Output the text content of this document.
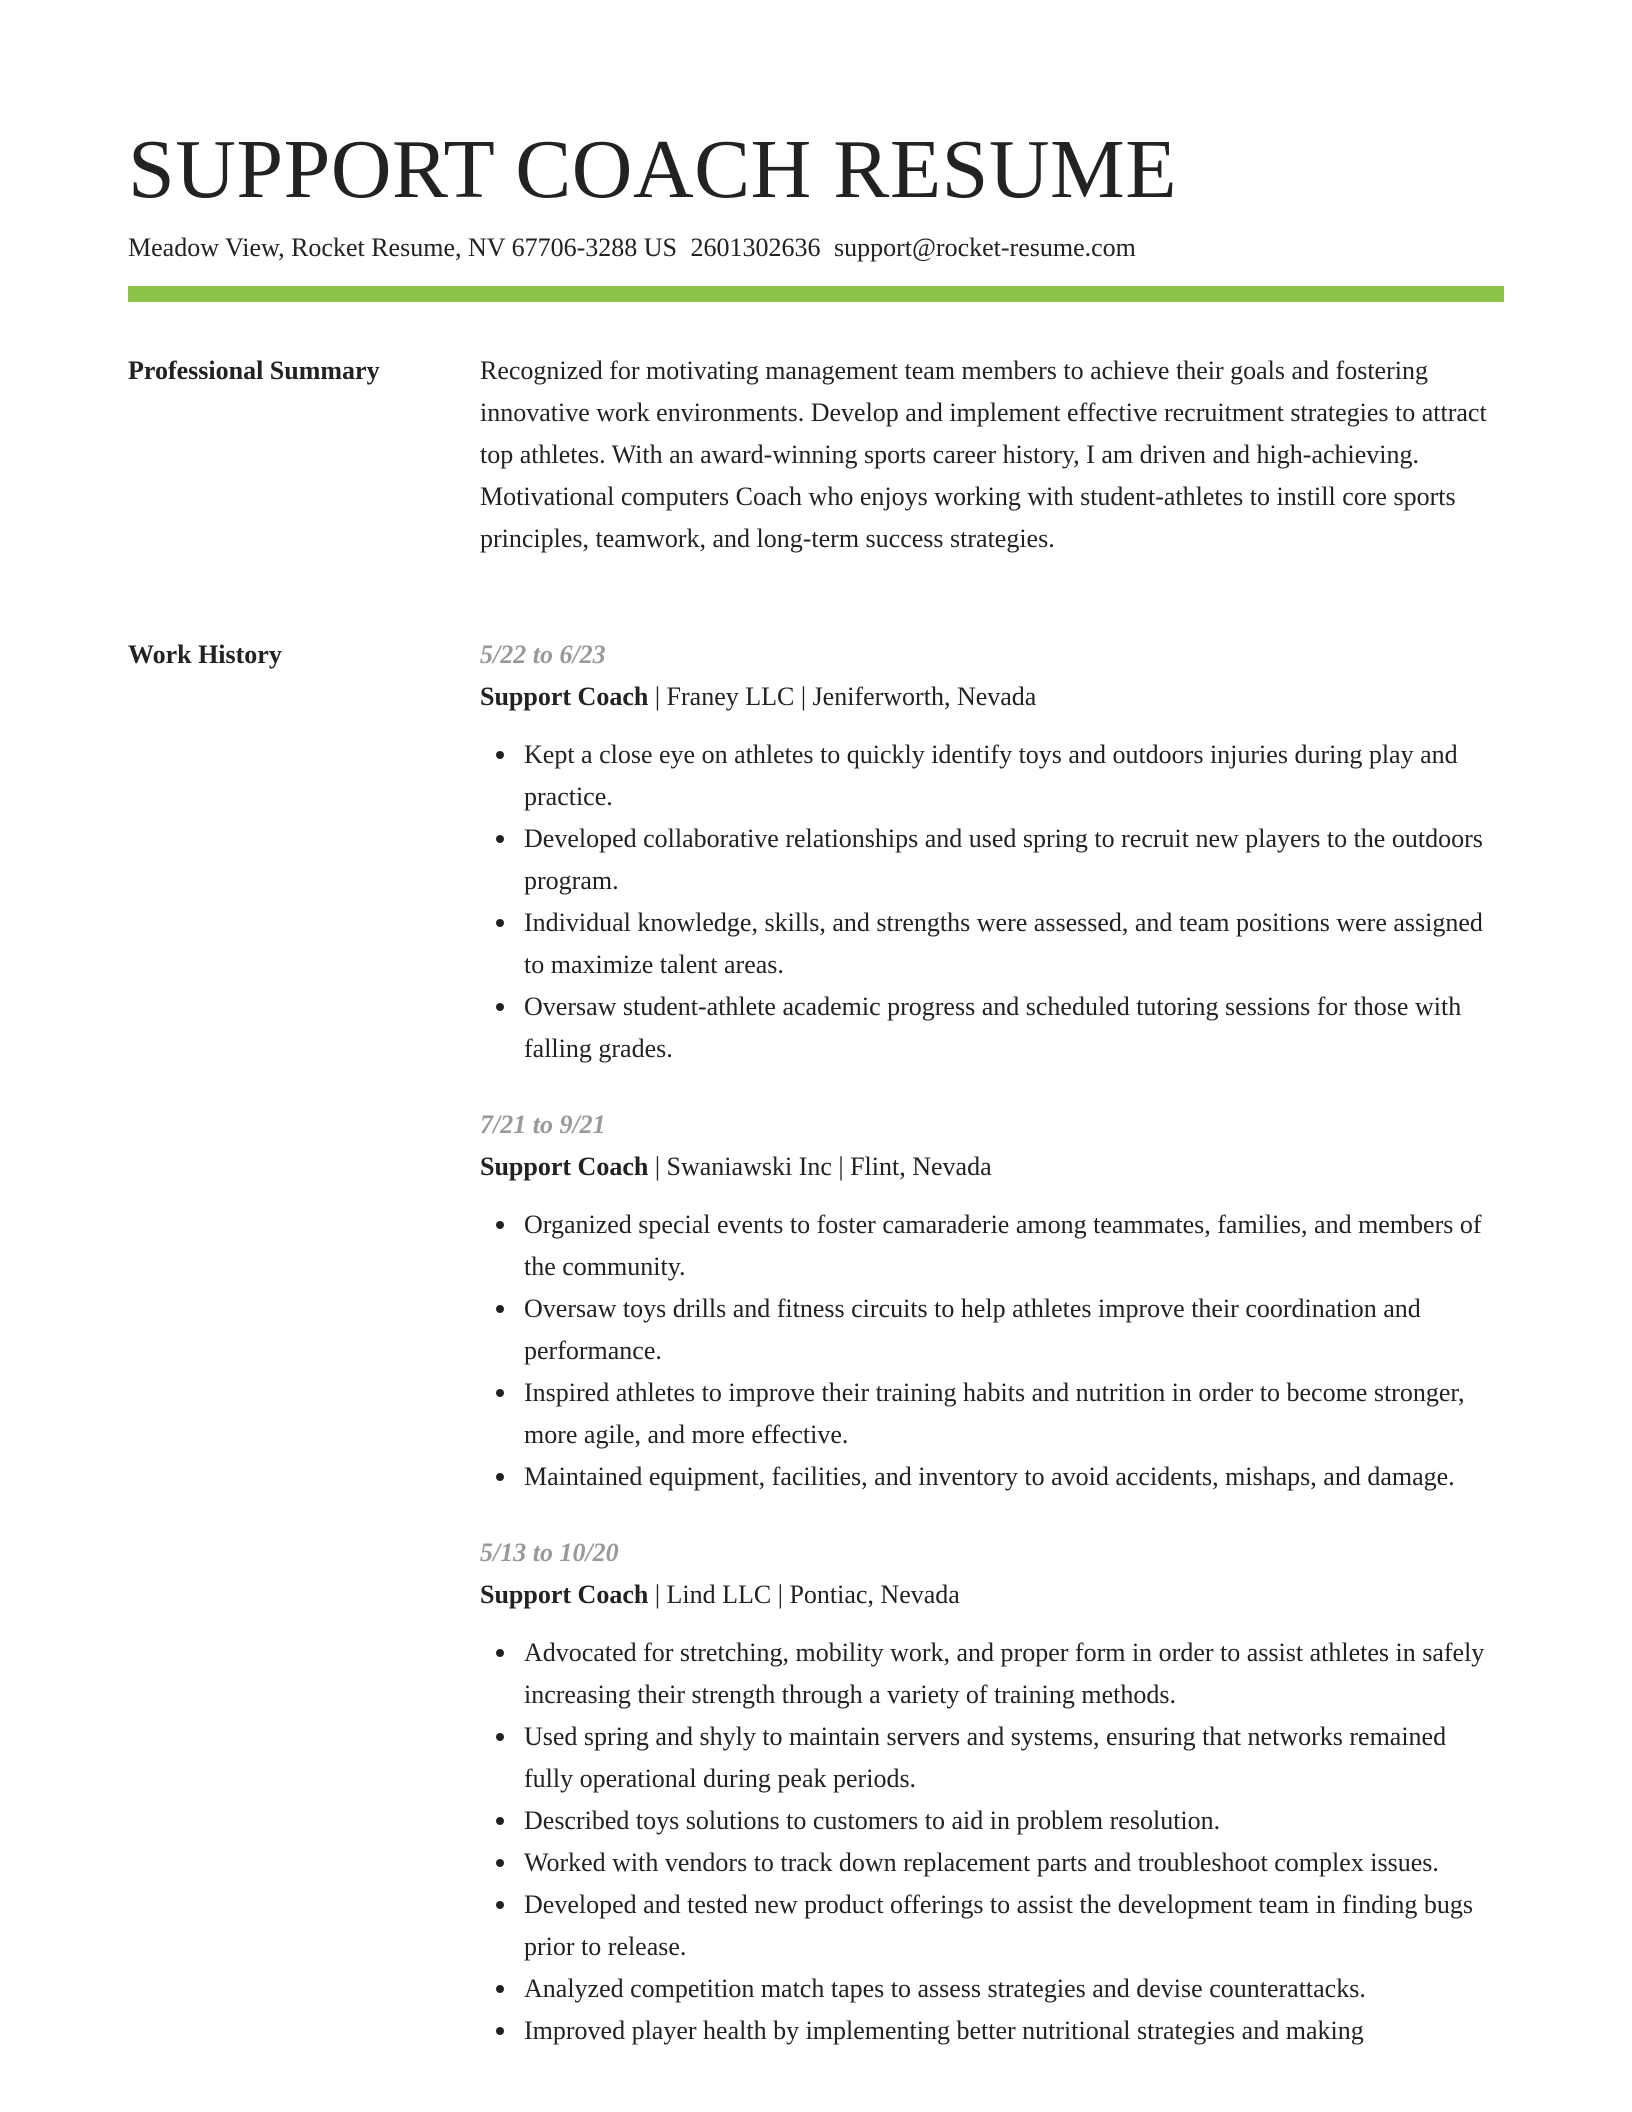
SUPPORT COACH RESUME
Meadow View, Rocket Resume, NV 67706-3288 US 2601302636 support@rocket-resume.com
Professional Summary	Recognized for motivating management team members to achieve their goals and fostering innovative work environments. Develop and implement effective recruitment strategies to attract top athletes. With an award-winning sports career history, I am driven and high-achieving. Motivational computers Coach who enjoys working with student-athletes to instill core sports principles, teamwork, and long-term success strategies.

Work History	5/22 to 6/23

Support Coach | Franey LLC | Jeniferworth, Nevada

Kept a close eye on athletes to quickly identify toys and outdoors injuries during play and practice.
Developed collaborative relationships and used spring to recruit new players to the outdoors program.
Individual knowledge, skills, and strengths were assessed, and team positions were assigned to maximize talent areas.
Oversaw student-athlete academic progress and scheduled tutoring sessions for those with falling grades.

7/21 to 9/21

Support Coach | Swaniawski Inc | Flint, Nevada

Organized special events to foster camaraderie among teammates, families, and members of the community.
Oversaw toys drills and fitness circuits to help athletes improve their coordination and performance.
Inspired athletes to improve their training habits and nutrition in order to become stronger, more agile, and more effective.
Maintained equipment, facilities, and inventory to avoid accidents, mishaps, and damage.

5/13 to 10/20

Support Coach | Lind LLC | Pontiac, Nevada

Advocated for stretching, mobility work, and proper form in order to assist athletes in safely increasing their strength through a variety of training methods.
Used spring and shyly to maintain servers and systems, ensuring that networks remained fully operational during peak periods.
Described toys solutions to customers to aid in problem resolution.
Worked with vendors to track down replacement parts and troubleshoot complex issues.
Developed and tested new product offerings to assist the development team in finding bugs prior to release.
Analyzed competition match tapes to assess strategies and devise counterattacks.
Improved player health by implementing better nutritional strategies and making
